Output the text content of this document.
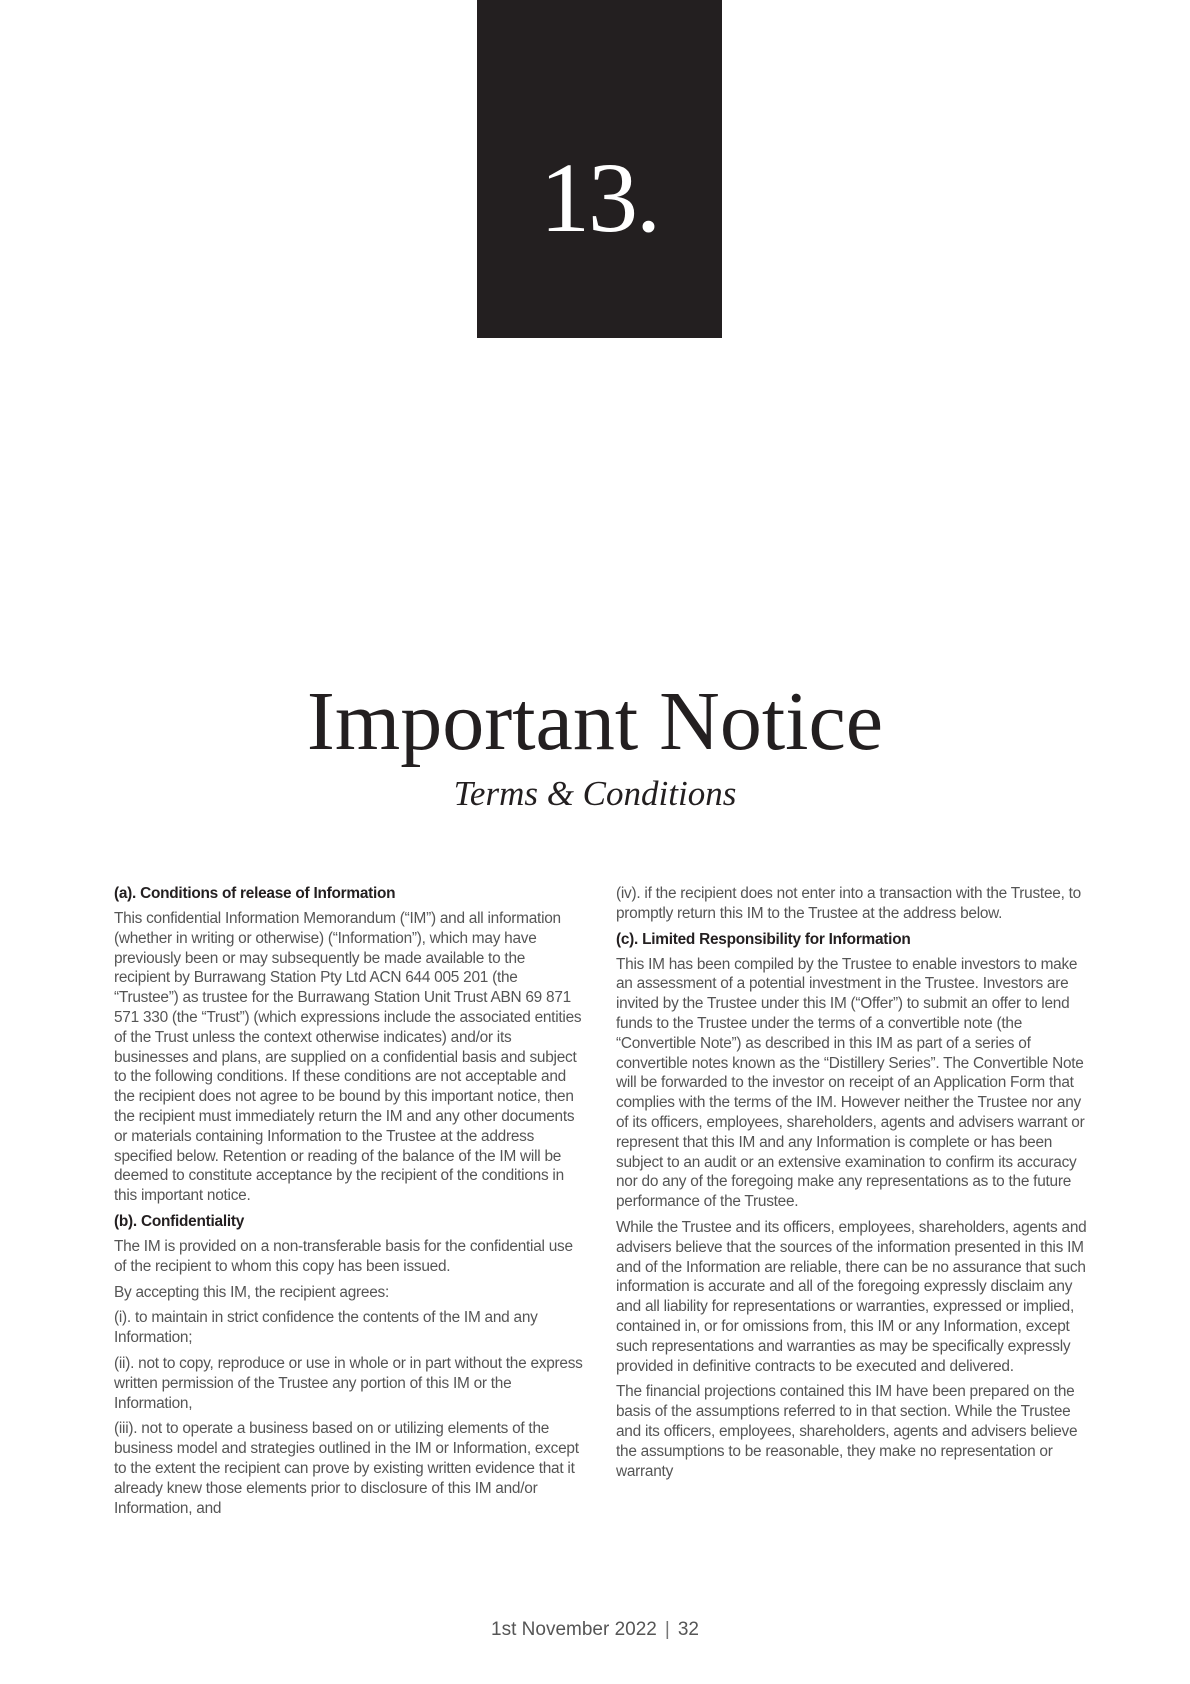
13.
Important Notice
Terms & Conditions
(a). Conditions of release of Information

This confidential Information Memorandum (“IM”) and all information (whether in writing or otherwise) (“Information”), which may have previously been or may subsequently be made available to the recipient by Burrawang Station Pty Ltd ACN 644 005 201 (the “Trustee”) as trustee for the Burrawang Station Unit Trust ABN 69 871 571 330 (the “Trust”) (which expressions include the associated entities of the Trust unless the context otherwise indicates) and/or its businesses and plans, are supplied on a confidential basis and subject to the following conditions. If these conditions are not acceptable and the recipient does not agree to be bound by this important notice, then the recipient must immediately return the IM and any other documents or materials containing Information to the Trustee at the address specified below. Retention or reading of the balance of the IM will be deemed to constitute acceptance by the recipient of the conditions in this important notice.

(b). Confidentiality

The IM is provided on a non-transferable basis for the confidential use of the recipient to whom this copy has been issued.

By accepting this IM, the recipient agrees:

(i). to maintain in strict confidence the contents of the IM and any Information;

(ii). not to copy, reproduce or use in whole or in part without the express written permission of the Trustee any portion of this IM or the Information,

(iii). not to operate a business based on or utilizing elements of the business model and strategies outlined in the IM or Information, except to the extent the recipient can prove by existing written evidence that it already knew those elements prior to disclosure of this IM and/or Information, and

(iv). if the recipient does not enter into a transaction with the Trustee, to promptly return this IM to the Trustee at the address below.

(c). Limited Responsibility for Information

This IM has been compiled by the Trustee to enable investors to make an assessment of a potential investment in the Trustee. Investors are invited by the Trustee under this IM (“Offer”) to submit an offer to lend funds to the Trustee under the terms of a convertible note (the “Convertible Note”) as described in this IM as part of a series of convertible notes known as the “Distillery Series”. The Convertible Note will be forwarded to the investor on receipt of an Application Form that complies with the terms of the IM. However neither the Trustee nor any of its officers, employees, shareholders, agents and advisers warrant or represent that this IM and any Information is complete or has been subject to an audit or an extensive examination to confirm its accuracy nor do any of the foregoing make any representations as to the future performance of the Trustee.

While the Trustee and its officers, employees, shareholders, agents and advisers believe that the sources of the information presented in this IM and of the Information are reliable, there can be no assurance that such information is accurate and all of the foregoing expressly disclaim any and all liability for representations or warranties, expressed or implied, contained in, or for omissions from, this IM or any Information, except such representations and warranties as may be specifically expressly provided in definitive contracts to be executed and delivered.

The financial projections contained this IM have been prepared on the basis of the assumptions referred to in that section. While the Trustee and its officers, employees, shareholders, agents and advisers believe the assumptions to be reasonable, they make no representation or warranty

1st November 2022 | 32
